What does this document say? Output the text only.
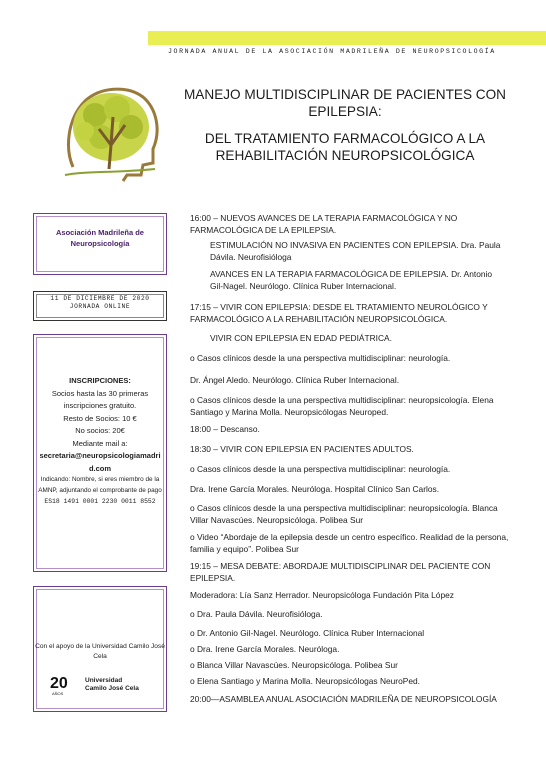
JORNADA ANUAL DE LA ASOCIACIÓN MADRILEÑA DE NEUROPSICOLOGÍA

MANEJO MULTIDISCIPLINAR DE PACIENTES CON EPILEPSIA:

DEL TRATAMIENTO FARMACOLÓGICO A LA REHABILITACIÓN NEUROPSICOLÓGICA

Asociación Madrileña de Neuropsicología
11 DE DICIEMBRE DE 2020
JORNADA ONLINE
INSCRIPCIONES:
Socios hasta las 30 primeras inscripciones gratuito.
Resto de Socios: 10 €
No socios: 20€
Mediante mail a:
secretaria@neuropsicologiamadrid.com
Indicando: Nombre, si eres miembro de la AMNP, adjuntando el comprobante de pago
ES18 1491 0001 2230 0011 8552
Con el apoyo de la Universidad Camilo José Cela
20
AÑOS
Universidad
Camilo José Cela
16:00 – NUEVOS AVANCES DE LA TERAPIA FARMACOLÓGICA Y NO FARMACOLÓGICA DE LA EPILEPSIA.
ESTIMULACIÓN NO INVASIVA EN PACIENTES CON EPILEPSIA. Dra. Paula Dávila. Neurofisióloga
AVANCES EN LA TERAPIA FARMACOLÓGICA DE EPILEPSIA. Dr. Antonio Gil-Nagel. Neurólogo. Clínica Ruber Internacional.
17:15 – VIVIR CON EPILEPSIA: DESDE EL TRATAMIENTO NEUROLÓGICO Y FARMACOLÓGICO A LA REHABILITACIÓN NEUROPSICOLÓGICA.
VIVIR CON EPILEPSIA EN EDAD PEDIÁTRICA.
o Casos clínicos desde la una perspectiva multidisciplinar: neurología.
Dr. Ángel Aledo. Neurólogo. Clínica Ruber Internacional.
o Casos clínicos desde la una perspectiva multidisciplinar: neuropsicología. Elena Santiago y Marina Molla. Neuropsicólogas Neuroped.
18:00 – Descanso.
18:30 – VIVIR CON EPILEPSIA EN PACIENTES ADULTOS.
o Casos clínicos desde la una perspectiva multidisciplinar: neurología.
Dra. Irene García Morales. Neuróloga. Hospital Clínico San Carlos.
o Casos clínicos desde la una perspectiva multidisciplinar: neuropsicología. Blanca Villar Navascúes. Neuropsicóloga. Polibea Sur
o Video “Abordaje de la epilepsia desde un centro específico. Realidad de la persona, familia y equipo”. Polibea Sur
19:15 – MESA DEBATE: ABORDAJE MULTIDISCIPLINAR DEL PACIENTE CON EPILEPSIA.
Moderadora: Lía Sanz Herrador. Neuropsicóloga Fundación Pita López
o Dra. Paula Dávila. Neurofisióloga.
o Dr. Antonio Gil-Nagel. Neurólogo. Clínica Ruber Internacional
o Dra. Irene García Morales. Neuróloga.
o Blanca Villar Navascúes. Neuropsicóloga. Polibea Sur
o Elena Santiago y Marina Molla. Neuropsicólogas NeuroPed.
20:00—ASAMBLEA ANUAL ASOCIACIÓN MADRILEÑA DE NEUROPSICOLOGÍA
